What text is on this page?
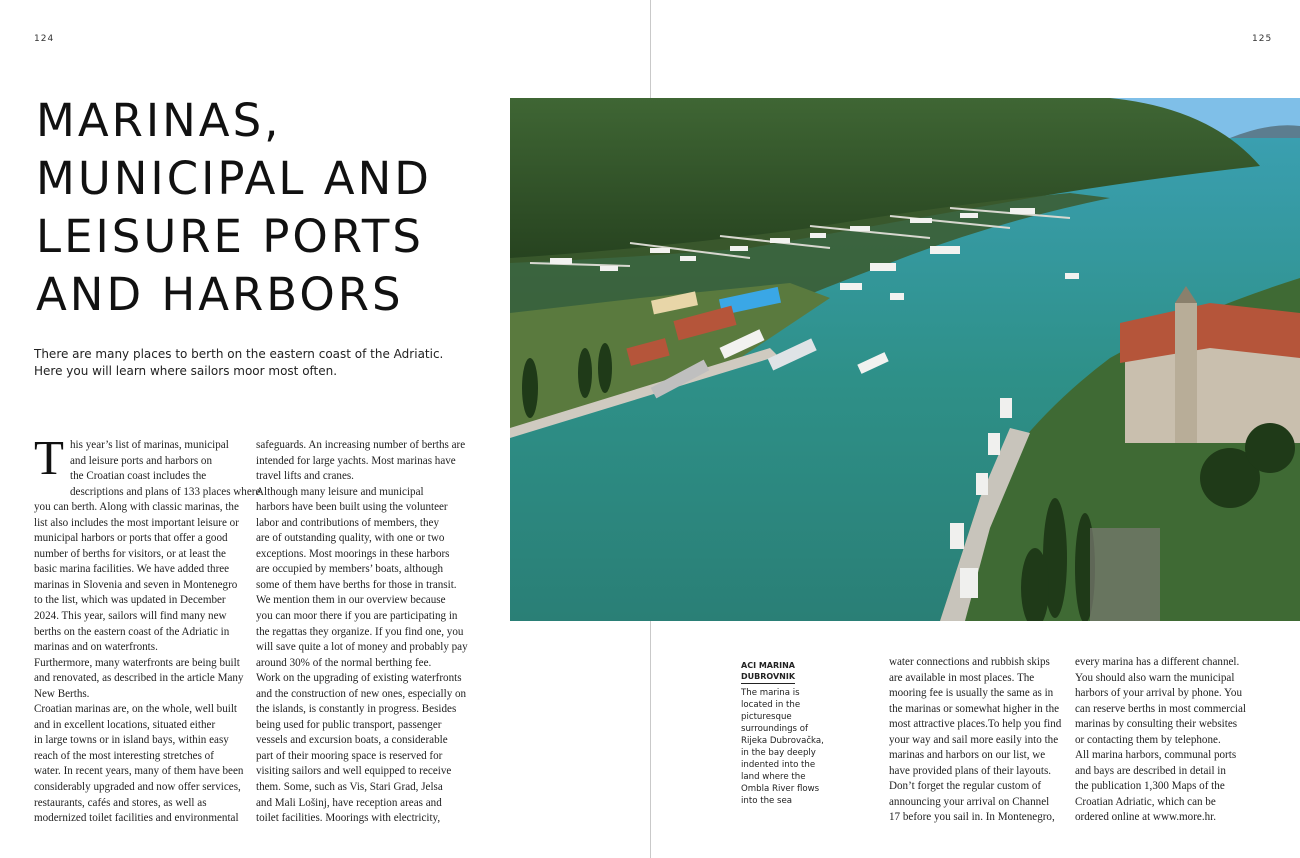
124	125
MARINAS,
MUNICIPAL AND
LEISURE PORTS
AND HARBORS
There are many places to berth on the eastern coast of the Adriatic.
Here you will learn where sailors moor most often.
T his year’s list of marinas, municipal
and leisure ports and harbors on
the Croatian coast includes the
descriptions and plans of 133 places where
you can berth. Along with classic marinas, the
list also includes the most important leisure or
municipal harbors or ports that offer a good
number of berths for visitors, or at least the
basic marina facilities. We have added three
marinas in Slovenia and seven in Montenegro
to the list, which was updated in December
2024. This year, sailors will find many new
berths on the eastern coast of the Adriatic in
marinas and on waterfronts.
Furthermore, many waterfronts are being built
and renovated, as described in the article Many
New Berths.
Croatian marinas are, on the whole, well built
and in excellent locations, situated either
in large towns or in island bays, within easy
reach of the most interesting stretches of
water. In recent years, many of them have been
considerably upgraded and now offer services,
restaurants, cafés and stores, as well as
modernized toilet facilities and environmental
safeguards. An increasing number of berths are
intended for large yachts. Most marinas have
travel lifts and cranes.
Although many leisure and municipal
harbors have been built using the volunteer
labor and contributions of members, they
are of outstanding quality, with one or two
exceptions. Most moorings in these harbors
are occupied by members’ boats, although
some of them have berths for those in transit.
We mention them in our overview because
you can moor there if you are participating in
the regattas they organize. If you find one, you
will save quite a lot of money and probably pay
around 30% of the normal berthing fee.
Work on the upgrading of existing waterfronts
and the construction of new ones, especially on
the islands, is constantly in progress. Besides
being used for public transport, passenger
vessels and excursion boats, a considerable
part of their mooring space is reserved for
visiting sailors and well equipped to receive
them. Some, such as Vis, Stari Grad, Jelsa
and Mali Lošinj, have reception areas and
toilet facilities. Moorings with electricity,
water connections and rubbish skips
are available in most places. The
mooring fee is usually the same as in
the marinas or somewhat higher in the
most attractive places.To help you find
your way and sail more easily into the
marinas and harbors on our list, we
have provided plans of their layouts.
Don’t forget the regular custom of
announcing your arrival on Channel
17 before you sail in. In Montenegro,
every marina has a different channel.
You should also warn the municipal
harbors of your arrival by phone. You
can reserve berths in most commercial
marinas by consulting their websites
or contacting them by telephone.
All marina harbors, communal ports
and bays are described in detail in
the publication 1,300 Maps of the
Croatian Adriatic, which can be
ordered online at www.more.hr.
ACI MARINA
DUBROVNIK
The marina is
located in the
picturesque
surroundings of
Rijeka Dubrovačka,
in the bay deeply
indented into the
land where the
Ombla River flows
into the sea
